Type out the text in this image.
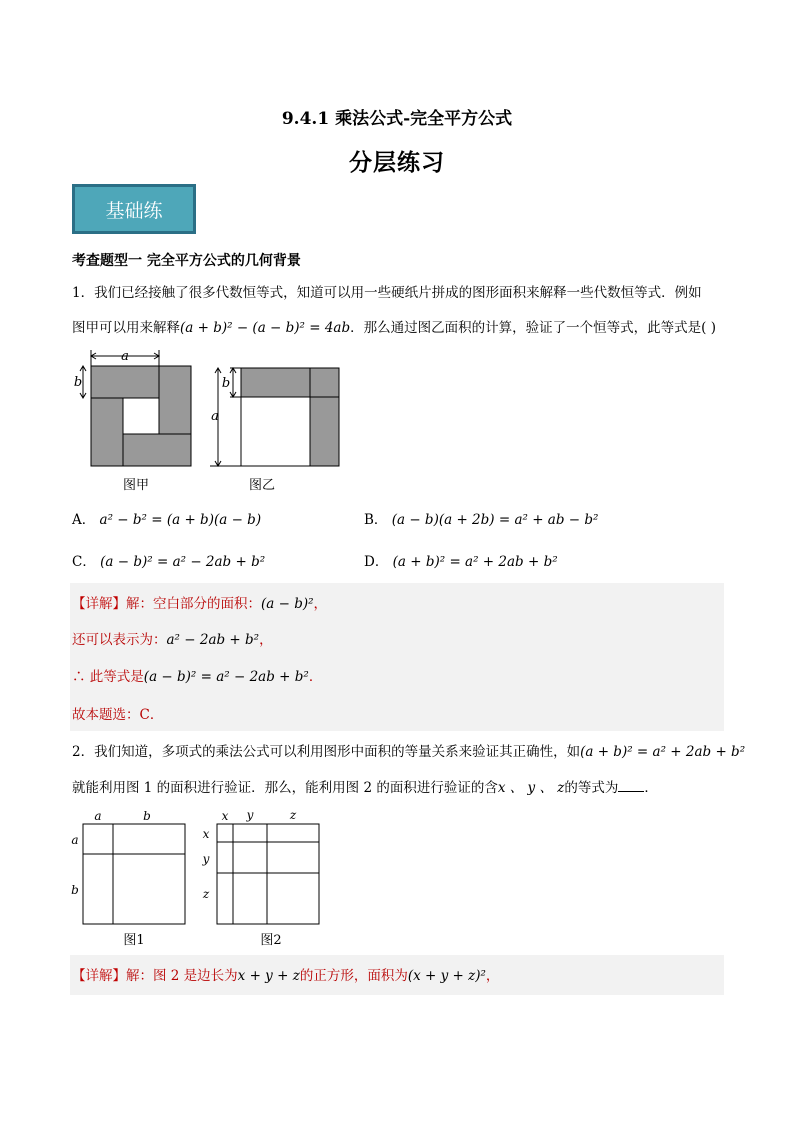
9.4.1 乘法公式-完全平方公式
分层练习
基础练
考查题型一 完全平方公式的几何背景
1．我们已经接触了很多代数恒等式，知道可以用一些硬纸片拼成的图形面积来解释一些代数恒等式．例如
图甲可以用来解释(a + b)² − (a − b)² = 4ab．那么通过图乙面积的计算，验证了一个恒等式，此等式是( )
a
b
图甲
b
a
图乙
A． a² − b² = (a + b)(a − b)	B． (a − b)(a + 2b) = a² + ab − b²
C． (a − b)² = a² − 2ab + b²	D． (a + b)² = a² + 2ab + b²
【详解】解：空白部分的面积：(a − b)²，
还可以表示为：a² − 2ab + b²，
∴ 此等式是(a − b)² = a² − 2ab + b²．
故本题选：C．
2．我们知道，多项式的乘法公式可以利用图形中面积的等量关系来验证其正确性，如(a + b)² = a² + 2ab + b²
就能利用图 1 的面积进行验证．那么，能利用图 2 的面积进行验证的含x 、 y 、 z的等式为 ．
a	b
a
b
图1
x y	z
x
y
z
图2
【详解】解：图 2 是边长为x + y + z的正方形，面积为(x + y + z)²，
